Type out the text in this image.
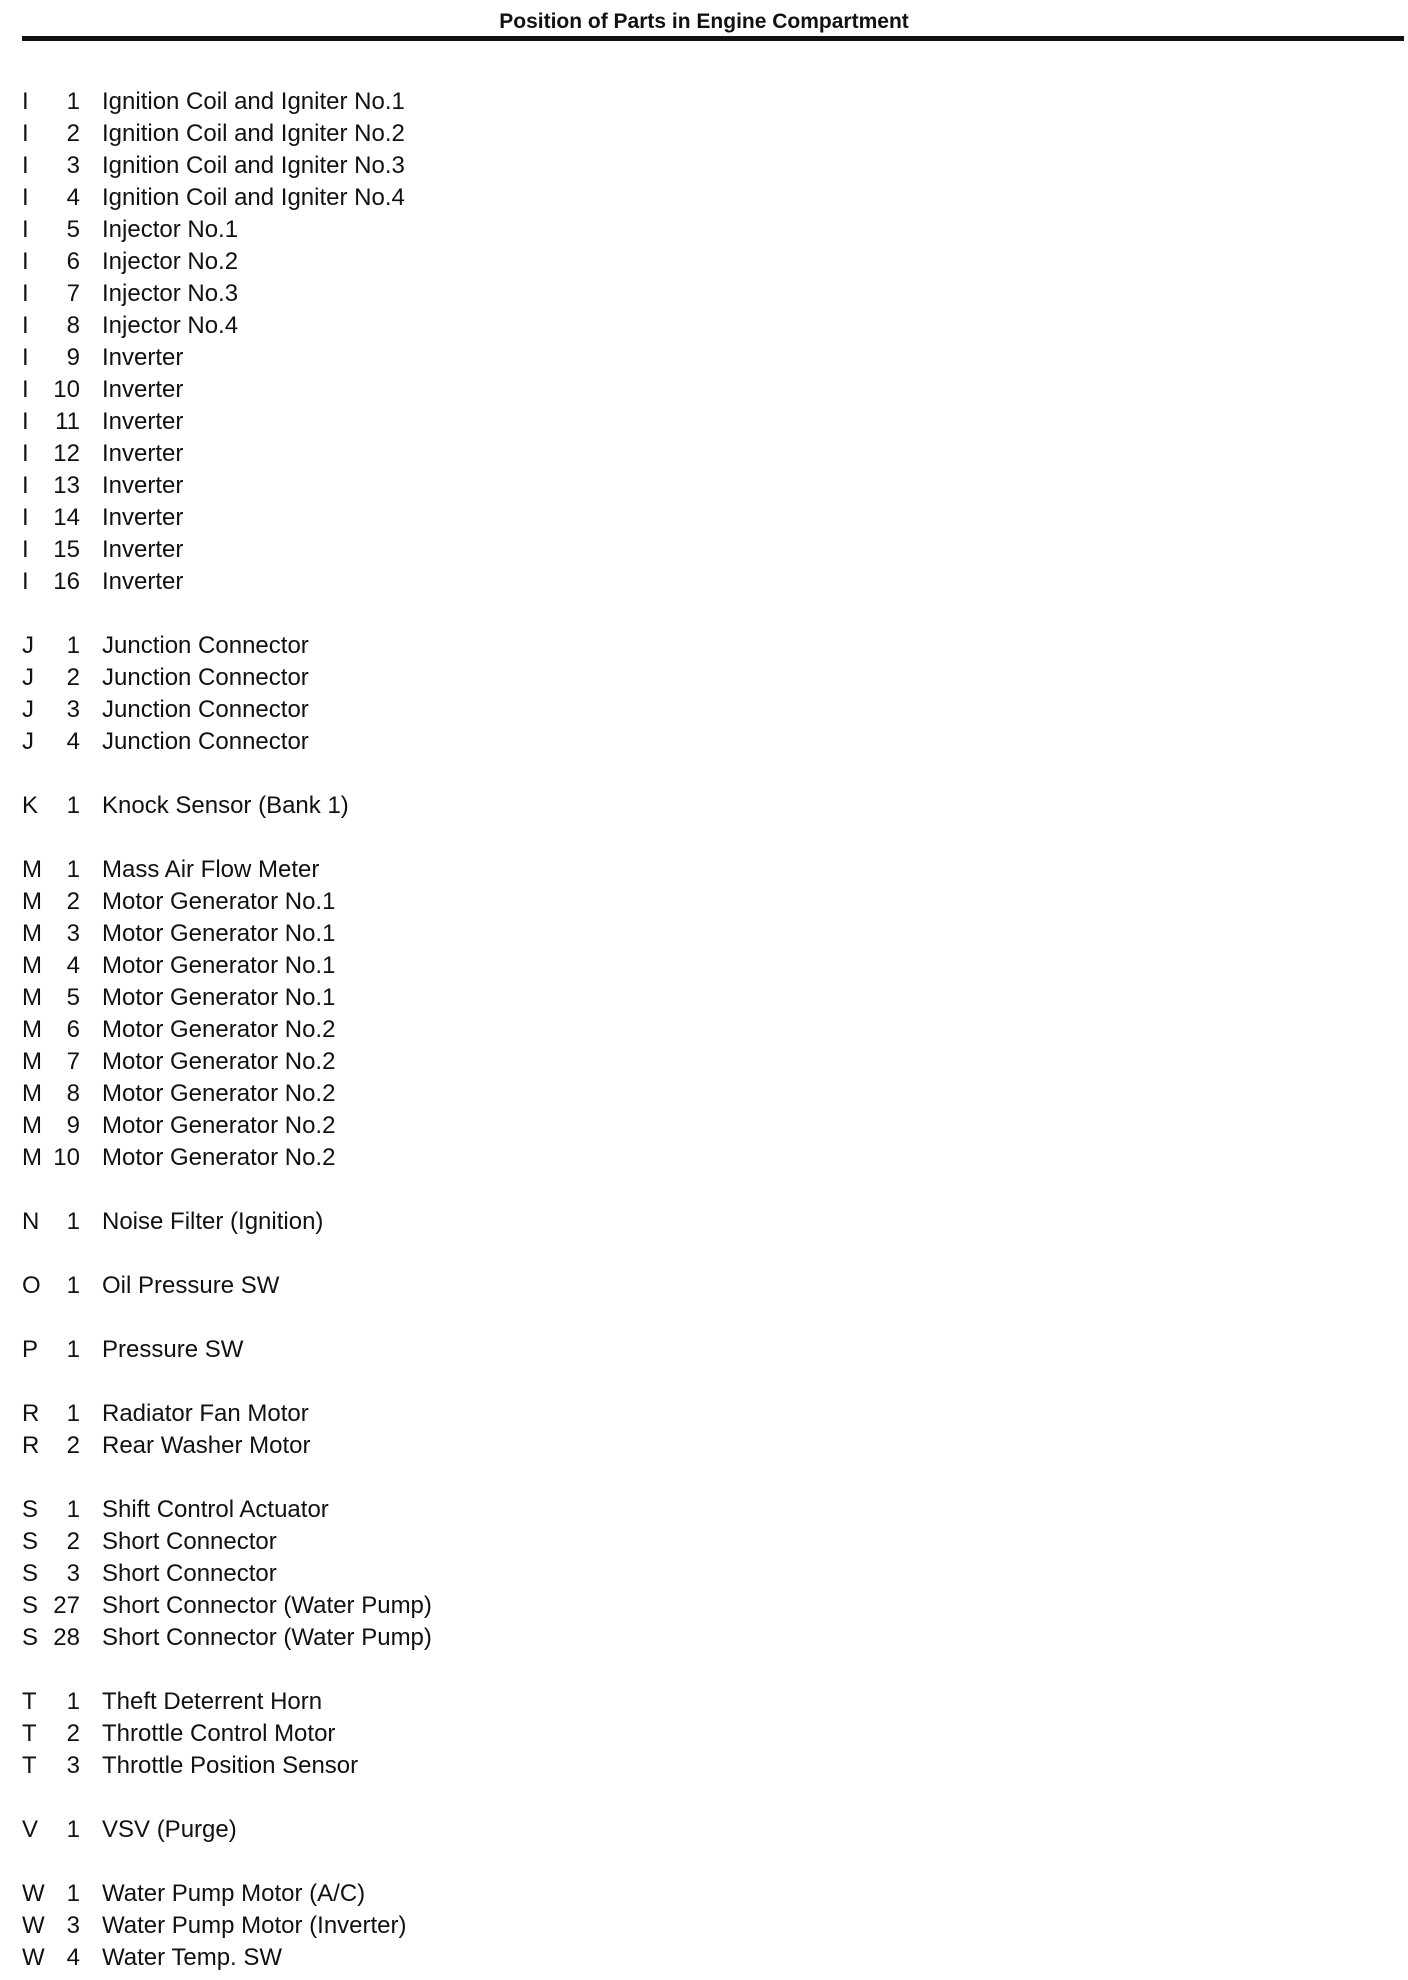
Position of Parts in Engine Compartment
I	1 Ignition Coil and Igniter No.1
I	2 Ignition Coil and Igniter No.2
I	3 Ignition Coil and Igniter No.3
I	4 Ignition Coil and Igniter No.4
I	5 Injector No.1
I	6 Injector No.2
I	7 Injector No.3
I	8 Injector No.4
I	9 Inverter
I	10 Inverter
I	11 Inverter
I	12 Inverter
I	13 Inverter
I	14 Inverter
I	15 Inverter
I	16 Inverter
J	1 Junction Connector
J	2 Junction Connector
J	3 Junction Connector
J	4 Junction Connector
K	1 Knock Sensor (Bank 1)
M	1 Mass Air Flow Meter
M	2 Motor Generator No.1
M	3 Motor Generator No.1
M	4 Motor Generator No.1
M	5 Motor Generator No.1
M	6 Motor Generator No.2
M	7 Motor Generator No.2
M	8 Motor Generator No.2
M	9 Motor Generator No.2
M 10 Motor Generator No.2
N	1 Noise Filter (Ignition)
O	1 Oil Pressure SW
P	1 Pressure SW
R	1 Radiator Fan Motor
R	2 Rear Washer Motor
S	1 Shift Control Actuator
S	2 Short Connector
S	3 Short Connector
S 27 Short Connector (Water Pump)
S 28 Short Connector (Water Pump)
T	1 Theft Deterrent Horn
T	2 Throttle Control Motor
T	3 Throttle Position Sensor
V	1 VSV (Purge)
W 1 Water Pump Motor (A/C)
W 3 Water Pump Motor (Inverter)
W 4 Water Temp. SW
